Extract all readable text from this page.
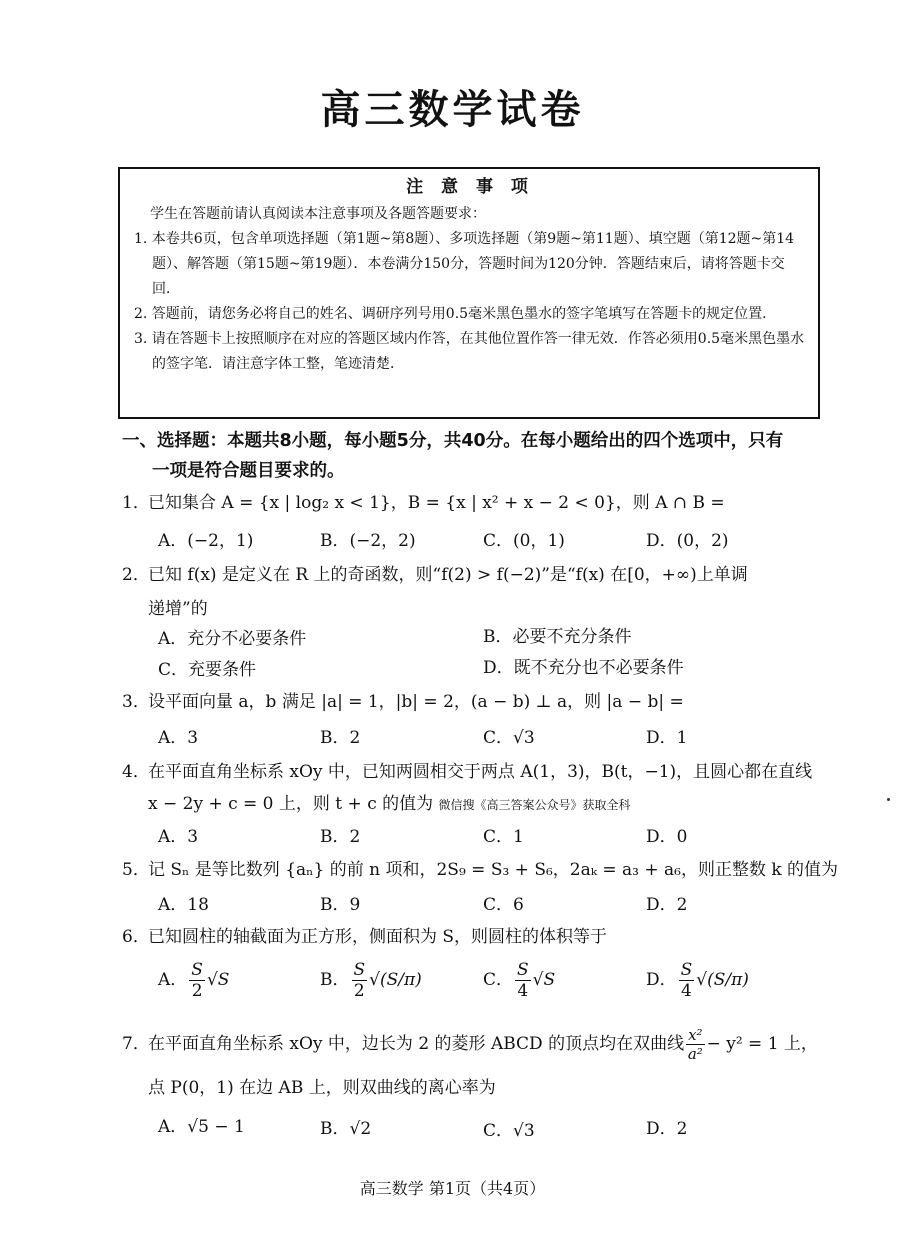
高三数学试卷
注 意 事 项
学生在答题前请认真阅读本注意事项及各题答题要求：
1. 本卷共6页，包含单项选择题（第1题~第8题）、多项选择题（第9题~第11题）、填空题（第12题~第14题）、解答题（第15题~第19题）．本卷满分150分，答题时间为120分钟．答题结束后，请将答题卡交回．
2. 答题前，请您务必将自己的姓名、调研序列号用0.5毫米黑色墨水的签字笔填写在答题卡的规定位置．
3. 请在答题卡上按照顺序在对应的答题区域内作答，在其他位置作答一律无效．作答必须用0.5毫米黑色墨水的签字笔．请注意字体工整，笔迹清楚．
一、选择题：本题共8小题，每小题5分，共40分。在每小题给出的四个选项中，只有
一项是符合题目要求的。
1．已知集合 A = {x | log₂ x < 1}，B = {x | x² + x − 2 < 0}，则 A ∩ B =
A．(−2，1)	B．(−2，2)	C．(0，1)	D．(0，2)
2．已知 f(x) 是定义在 R 上的奇函数，则“f(2) > f(−2)”是“f(x) 在[0，+∞)上单调
递增”的
A．充分不必要条件	B．必要不充分条件
C．充要条件	D．既不充分也不必要条件
3．设平面向量 a，b 满足 |a| = 1，|b| = 2，(a − b) ⊥ a，则 |a − b| =
A．3	B．2	C．√3	D．1
4．在平面直角坐标系 xOy 中，已知两圆相交于两点 A(1，3)，B(t，−1)，且圆心都在直线
x − 2y + c = 0 上，则 t + c 的值为 微信搜《高三答案公众号》获取全科
A．3	B．2	C．1	D．0
5．记 Sₙ 是等比数列 {aₙ} 的前 n 项和，2S₉ = S₃ + S₆，2aₖ = a₃ + a₆，则正整数 k 的值为
A．18	B．9	C．6	D．2
6．已知圆柱的轴截面为正方形，侧面积为 S，则圆柱的体积等于
A． $\frac{S}{2} √S$	B． $\frac{S}{2} √(S/\pi)$	C． $\frac{S}{4} √S$	D． $\frac{S}{4} √(S/\pi)$
7．在平面直角坐标系 xOy 中，边长为 2 的菱形 ABCD 的顶点均在双曲线 $\frac{\text{x²}}{\text{a²}} - y^2 = 1$ 上，
点 P(0，1) 在边 AB 上，则双曲线的离心率为
A．√5 − 1	B．√2	C．√3	D．2
高三数学 第1页（共4页）
